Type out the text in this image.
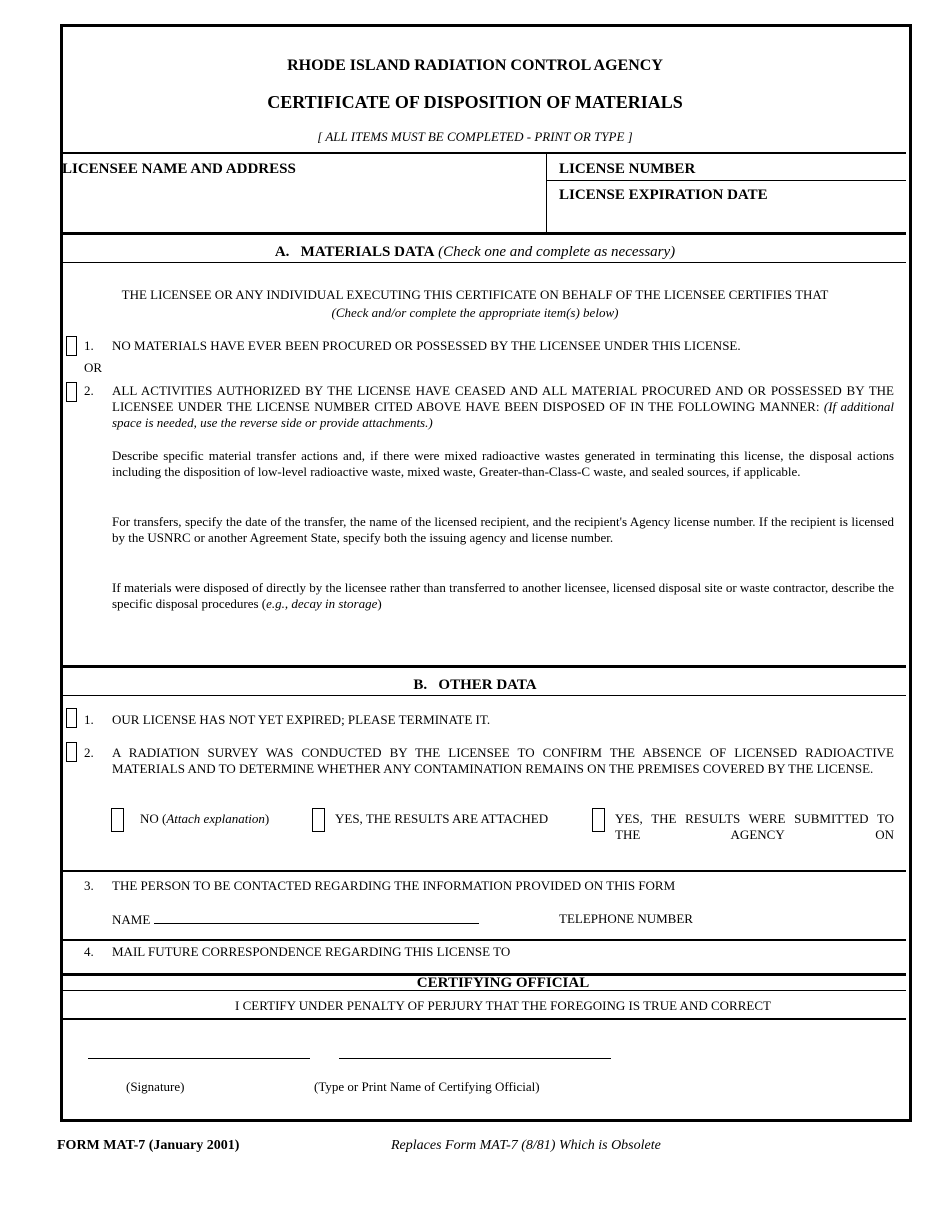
RHODE ISLAND RADIATION CONTROL AGENCY
CERTIFICATE OF DISPOSITION OF MATERIALS
[ ALL ITEMS MUST BE COMPLETED - PRINT OR TYPE ]
LICENSEE NAME AND ADDRESS	LICENSE NUMBER
LICENSE EXPIRATION DATE
A. MATERIALS DATA (Check one and complete as necessary)
THE LICENSEE OR ANY INDIVIDUAL EXECUTING THIS CERTIFICATE ON BEHALF OF THE LICENSEE CERTIFIES THAT
(Check and/or complete the appropriate item(s) below)
1. NO MATERIALS HAVE EVER BEEN PROCURED OR POSSESSED BY THE LICENSEE UNDER THIS LICENSE.
OR
2. ALL ACTIVITIES AUTHORIZED BY THE LICENSE HAVE CEASED AND ALL MATERIAL PROCURED AND OR POSSESSED BY THE LICENSEE UNDER THE LICENSE NUMBER CITED ABOVE HAVE BEEN DISPOSED OF IN THE FOLLOWING MANNER: (If additional space is needed, use the reverse side or provide attachments.)
Describe specific material transfer actions and, if there were mixed radioactive wastes generated in terminating this license, the disposal actions including the disposition of low-level radioactive waste, mixed waste, Greater-than-Class-C waste, and sealed sources, if applicable.
For transfers, specify the date of the transfer, the name of the licensed recipient, and the recipient's Agency license number. If the recipient is licensed by the USNRC or another Agreement State, specify both the issuing agency and license number.
If materials were disposed of directly by the licensee rather than transferred to another licensee, licensed disposal site or waste contractor, describe the specific disposal procedures (e.g., decay in storage)
B. OTHER DATA
1. OUR LICENSE HAS NOT YET EXPIRED; PLEASE TERMINATE IT.
2. A RADIATION SURVEY WAS CONDUCTED BY THE LICENSEE TO CONFIRM THE ABSENCE OF LICENSED RADIOACTIVE MATERIALS AND TO DETERMINE WHETHER ANY CONTAMINATION REMAINS ON THE PREMISES COVERED BY THE LICENSE.
NO (Attach explanation)	YES, THE RESULTS ARE ATTACHED	YES, THE RESULTS WERE SUBMITTED TO THE AGENCY ON
3. THE PERSON TO BE CONTACTED REGARDING THE INFORMATION PROVIDED ON THIS FORM
NAME	TELEPHONE NUMBER
4. MAIL FUTURE CORRESPONDENCE REGARDING THIS LICENSE TO
CERTIFYING OFFICIAL
I CERTIFY UNDER PENALTY OF PERJURY THAT THE FOREGOING IS TRUE AND CORRECT
(Signature)	(Type or Print Name of Certifying Official)
FORM MAT-7 (January 2001)	Replaces Form MAT-7 (8/81) Which is Obsolete
